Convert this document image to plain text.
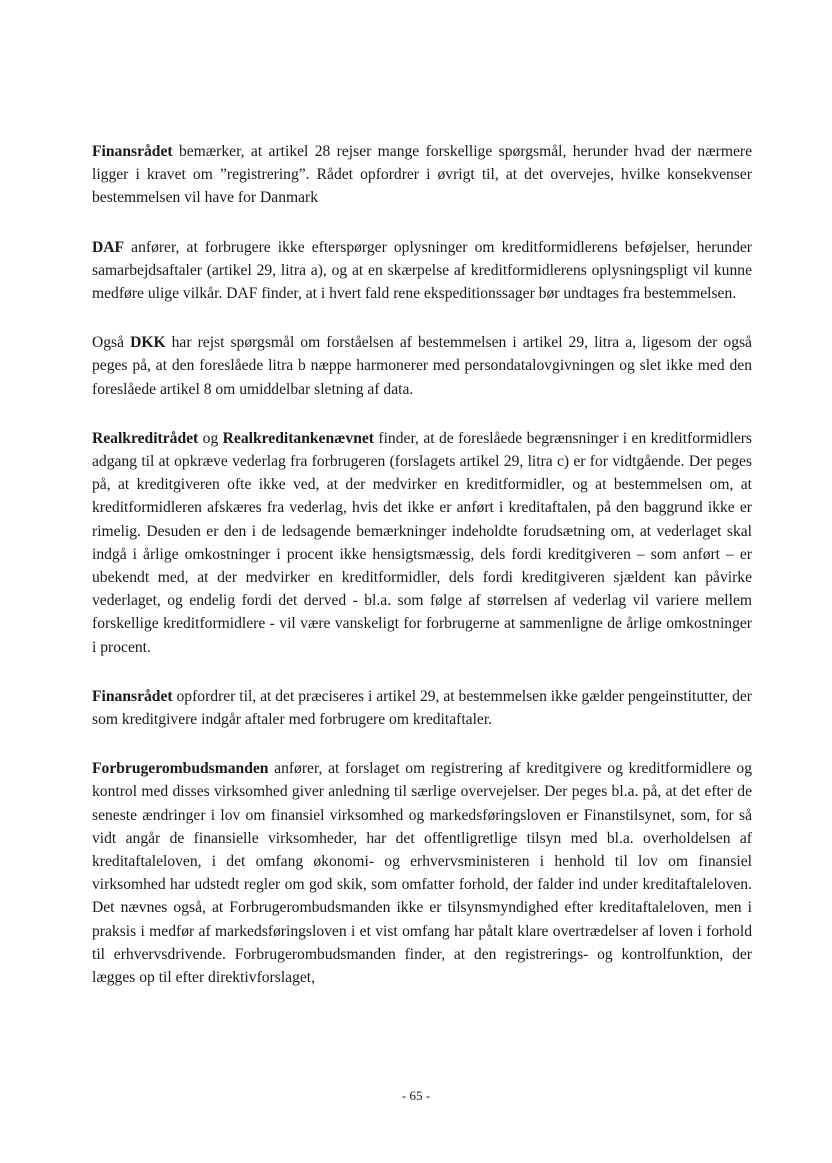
Finansrådet bemærker, at artikel 28 rejser mange forskellige spørgsmål, herunder hvad der nærmere ligger i kravet om ”registrering”. Rådet opfordrer i øvrigt til, at det overvejes, hvilke konsekvenser bestemmelsen vil have for Danmark

DAF anfører, at forbrugere ikke efterspørger oplysninger om kreditformidlerens beføjelser, herunder samarbejdsaftaler (artikel 29, litra a), og at en skærpelse af kreditformidlerens oplysningspligt vil kunne medføre ulige vilkår. DAF finder, at i hvert fald rene ekspeditionssager bør undtages fra bestemmelsen.

Også DKK har rejst spørgsmål om forståelsen af bestemmelsen i artikel 29, litra a, ligesom der også peges på, at den foreslåede litra b næppe harmonerer med persondatalovgivningen og slet ikke med den foreslåede artikel 8 om umiddelbar sletning af data.

Realkreditrådet og Realkreditankenævnet finder, at de foreslåede begrænsninger i en kreditformidlers adgang til at opkræve vederlag fra forbrugeren (forslagets artikel 29, litra c) er for vidtgående. Der peges på, at kreditgiveren ofte ikke ved, at der medvirker en kreditformidler, og at bestemmelsen om, at kreditformidleren afskæres fra vederlag, hvis det ikke er anført i kreditaftalen, på den baggrund ikke er rimelig. Desuden er den i de ledsagende bemærkninger indeholdte forudsætning om, at vederlaget skal indgå i årlige omkostninger i procent ikke hensigtsmæssig, dels fordi kreditgiveren – som anført – er ubekendt med, at der medvirker en kreditformidler, dels fordi kreditgiveren sjældent kan påvirke vederlaget, og endelig fordi det derved - bl.a. som følge af størrelsen af vederlag vil variere mellem forskellige kreditformidlere - vil være vanskeligt for forbrugerne at sammenligne de årlige omkostninger i procent.

Finansrådet opfordrer til, at det præciseres i artikel 29, at bestemmelsen ikke gælder pengeinstitutter, der som kreditgivere indgår aftaler med forbrugere om kreditaftaler.

Forbrugerombudsmanden anfører, at forslaget om registrering af kreditgivere og kreditformidlere og kontrol med disses virksomhed giver anledning til særlige overvejelser. Der peges bl.a. på, at det efter de seneste ændringer i lov om finansiel virksomhed og markedsføringsloven er Finanstilsynet, som, for så vidt angår de finansielle virksomheder, har det offentligretlige tilsyn med bl.a. overholdelsen af kreditaftaleloven, i det omfang økonomi- og erhvervsministeren i henhold til lov om finansiel virksomhed har udstedt regler om god skik, som omfatter forhold, der falder ind under kreditaftaleloven. Det nævnes også, at Forbrugerombudsmanden ikke er tilsynsmyndighed efter kreditaftaleloven, men i praksis i medfør af markedsføringsloven i et vist omfang har påtalt klare overtrædelser af loven i forhold til erhvervsdrivende. Forbrugerombudsmanden finder, at den registrerings- og kontrolfunktion, der lægges op til efter direktivforslaget,

- 65 -
